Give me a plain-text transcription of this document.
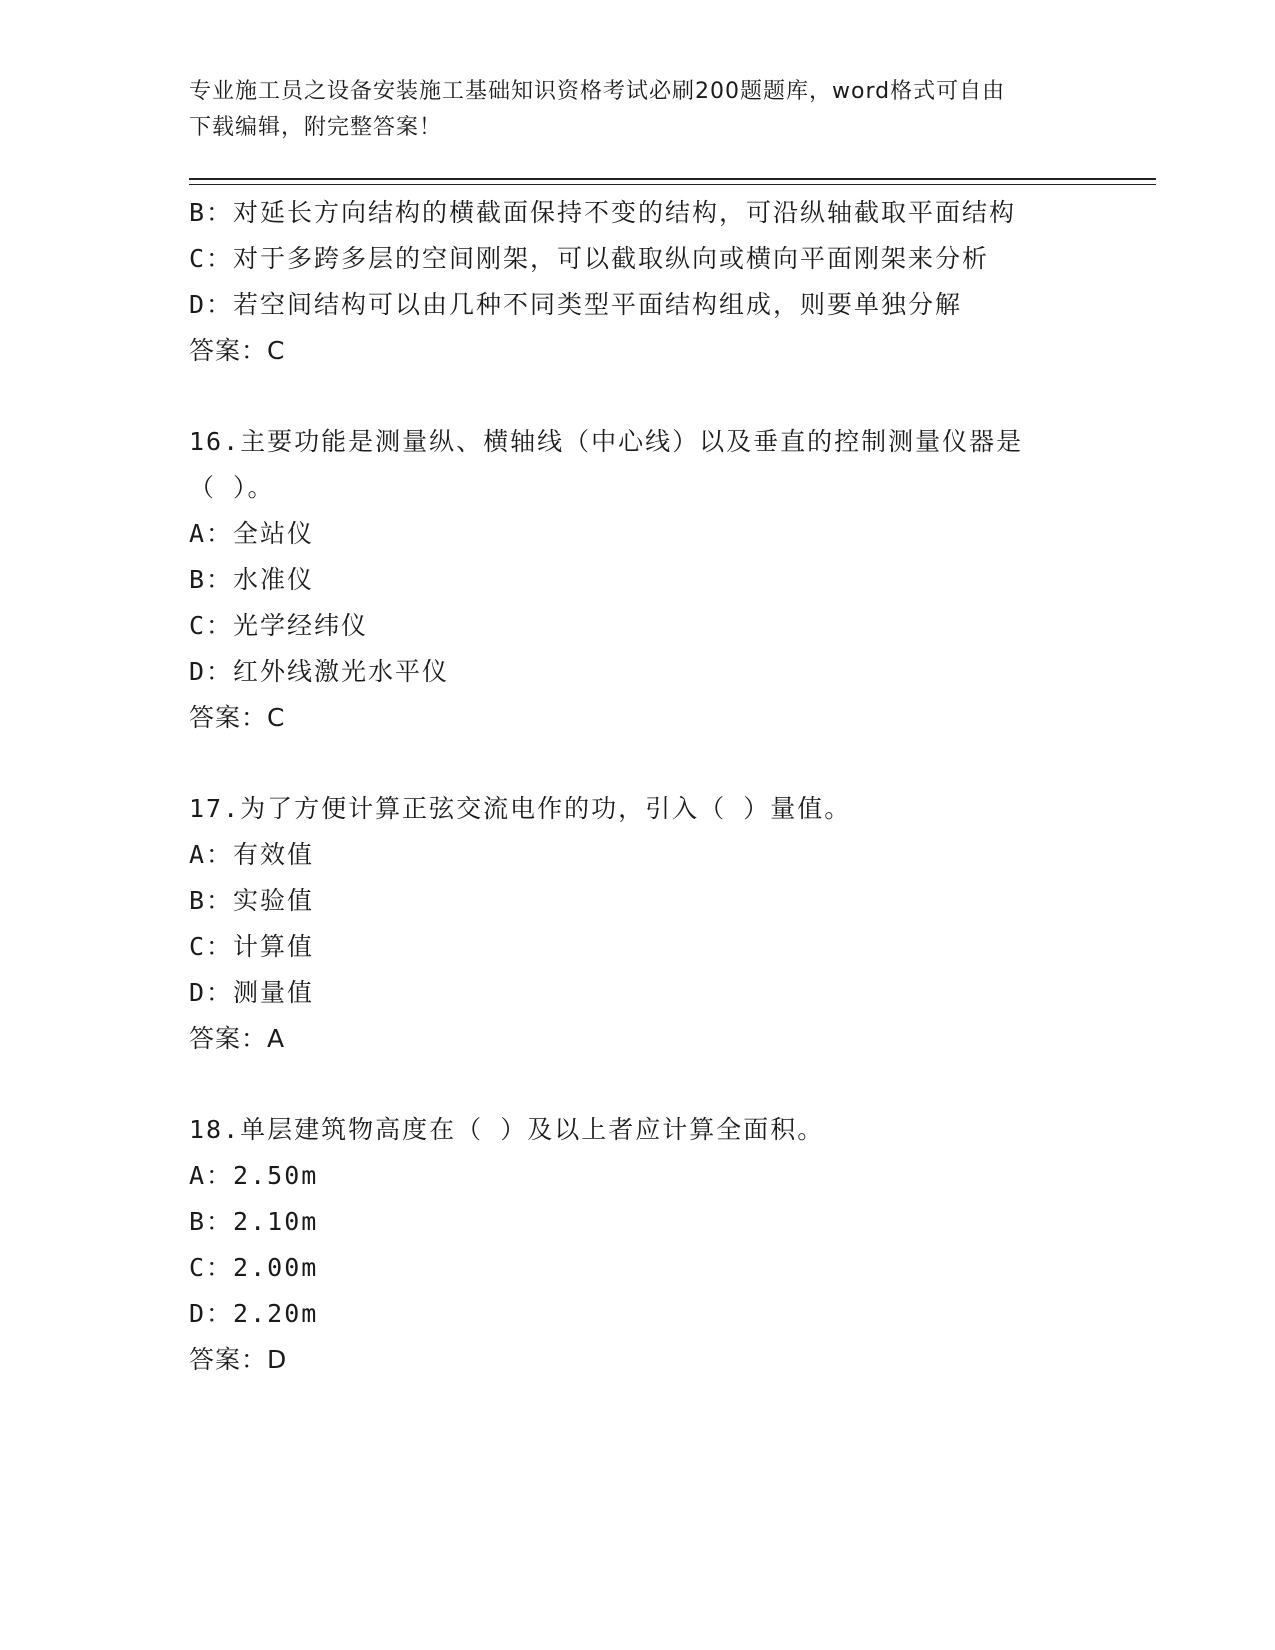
专业施工员之设备安装施工基础知识资格考试必刷200题题库，word格式可自由
下载编辑，附完整答案！
B：对延长方向结构的横截面保持不变的结构，可沿纵轴截取平面结构
C：对于多跨多层的空间刚架，可以截取纵向或横向平面刚架来分析
D：若空间结构可以由几种不同类型平面结构组成，则要单独分解
答案：C
16.主要功能是测量纵、横轴线（中心线）以及垂直的控制测量仪器是
（ ）。
A：全站仪
B：水准仪
C：光学经纬仪
D：红外线激光水平仪
答案：C
17.为了方便计算正弦交流电作的功，引入（ ）量值。
A：有效值
B：实验值
C：计算值
D：测量值
答案：A
18.单层建筑物高度在（ ）及以上者应计算全面积。
A：2.50m
B：2.10m
C：2.00m
D：2.20m
答案：D
